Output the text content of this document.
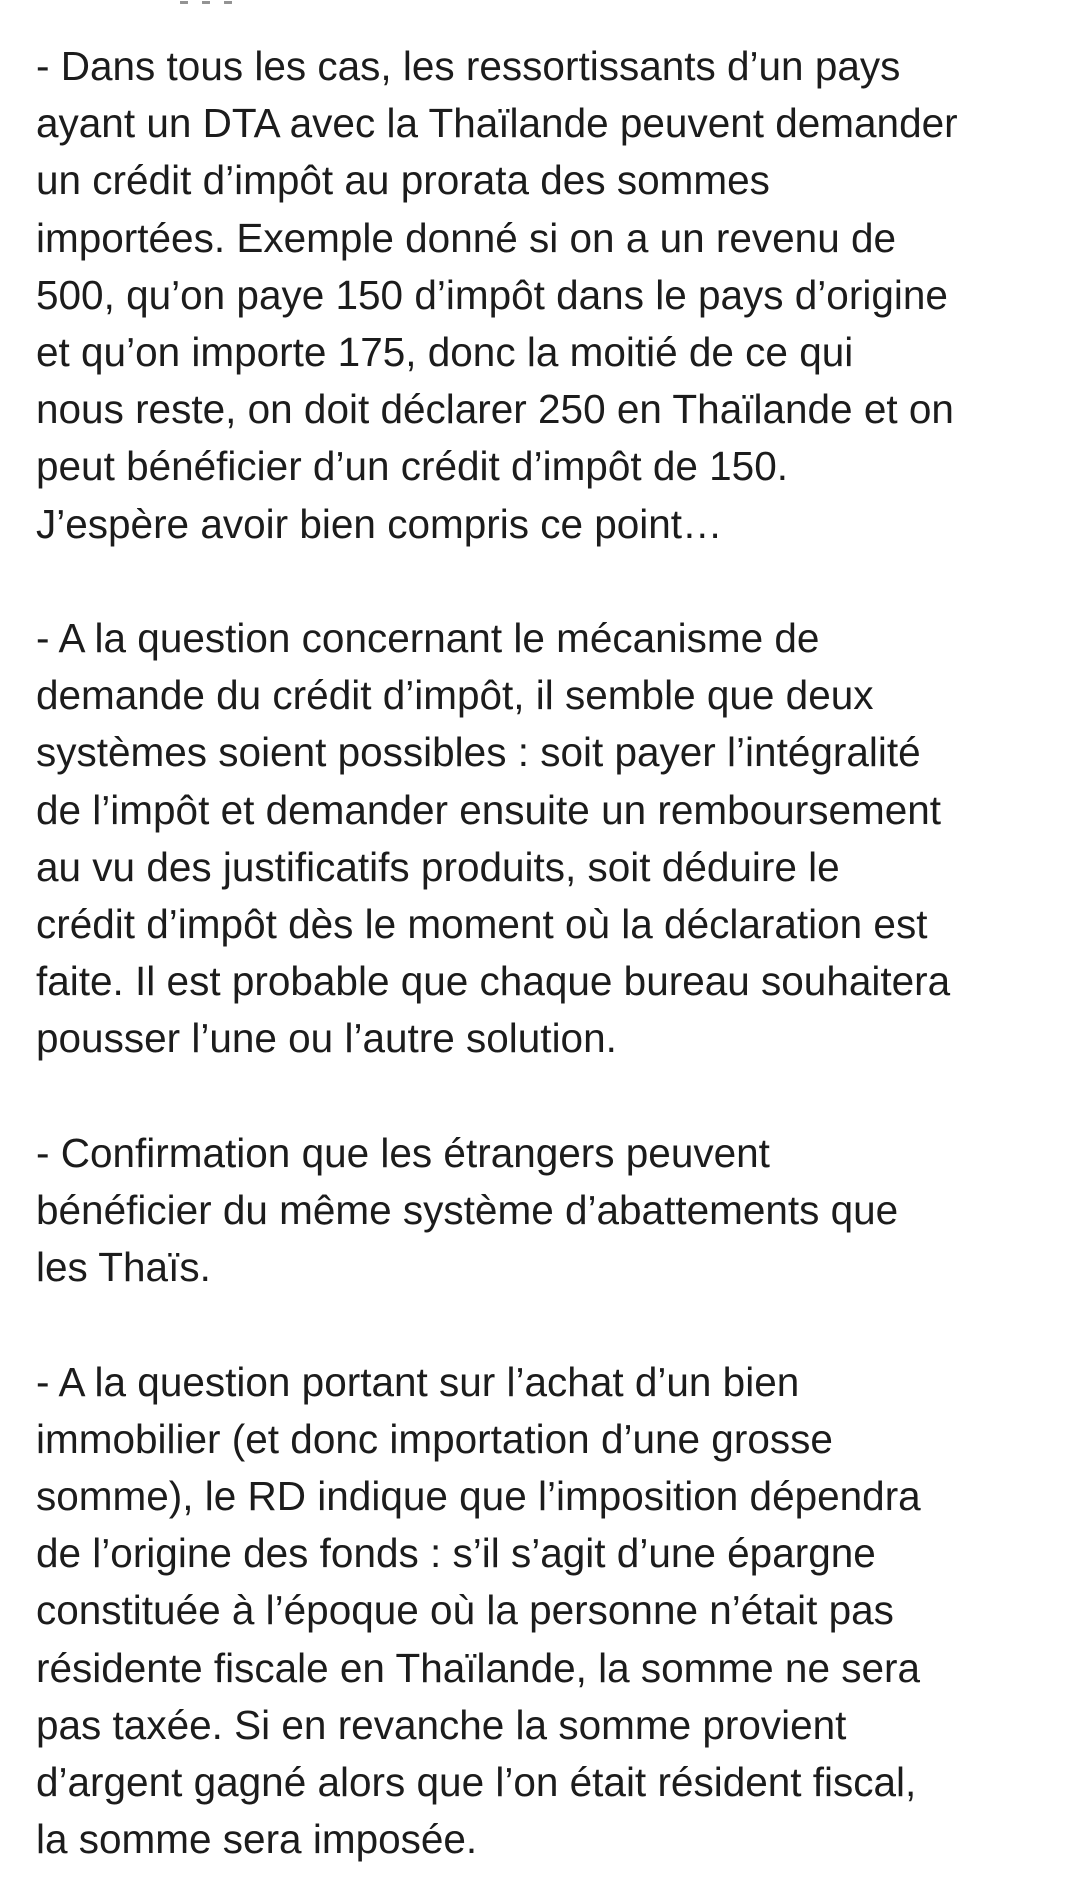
- Dans tous les cas, les ressortissants d’un pays
ayant un DTA avec la Thaïlande peuvent demander
un crédit d’impôt au prorata des sommes
importées. Exemple donné si on a un revenu de
500, qu’on paye 150 d’impôt dans le pays d’origine
et qu’on importe 175, donc la moitié de ce qui
nous reste, on doit déclarer 250 en Thaïlande et on
peut bénéficier d’un crédit d’impôt de 150.
J’espère avoir bien compris ce point…

- A la question concernant le mécanisme de
demande du crédit d’impôt, il semble que deux
systèmes soient possibles : soit payer l’intégralité
de l’impôt et demander ensuite un remboursement
au vu des justificatifs produits, soit déduire le
crédit d’impôt dès le moment où la déclaration est
faite. Il est probable que chaque bureau souhaitera
pousser l’une ou l’autre solution.

- Confirmation que les étrangers peuvent
bénéficier du même système d’abattements que
les Thaïs.

- A la question portant sur l’achat d’un bien
immobilier (et donc importation d’une grosse
somme), le RD indique que l’imposition dépendra
de l’origine des fonds : s’il s’agit d’une épargne
constituée à l’époque où la personne n’était pas
résidente fiscale en Thaïlande, la somme ne sera
pas taxée. Si en revanche la somme provient
d’argent gagné alors que l’on était résident fiscal,
la somme sera imposée.
